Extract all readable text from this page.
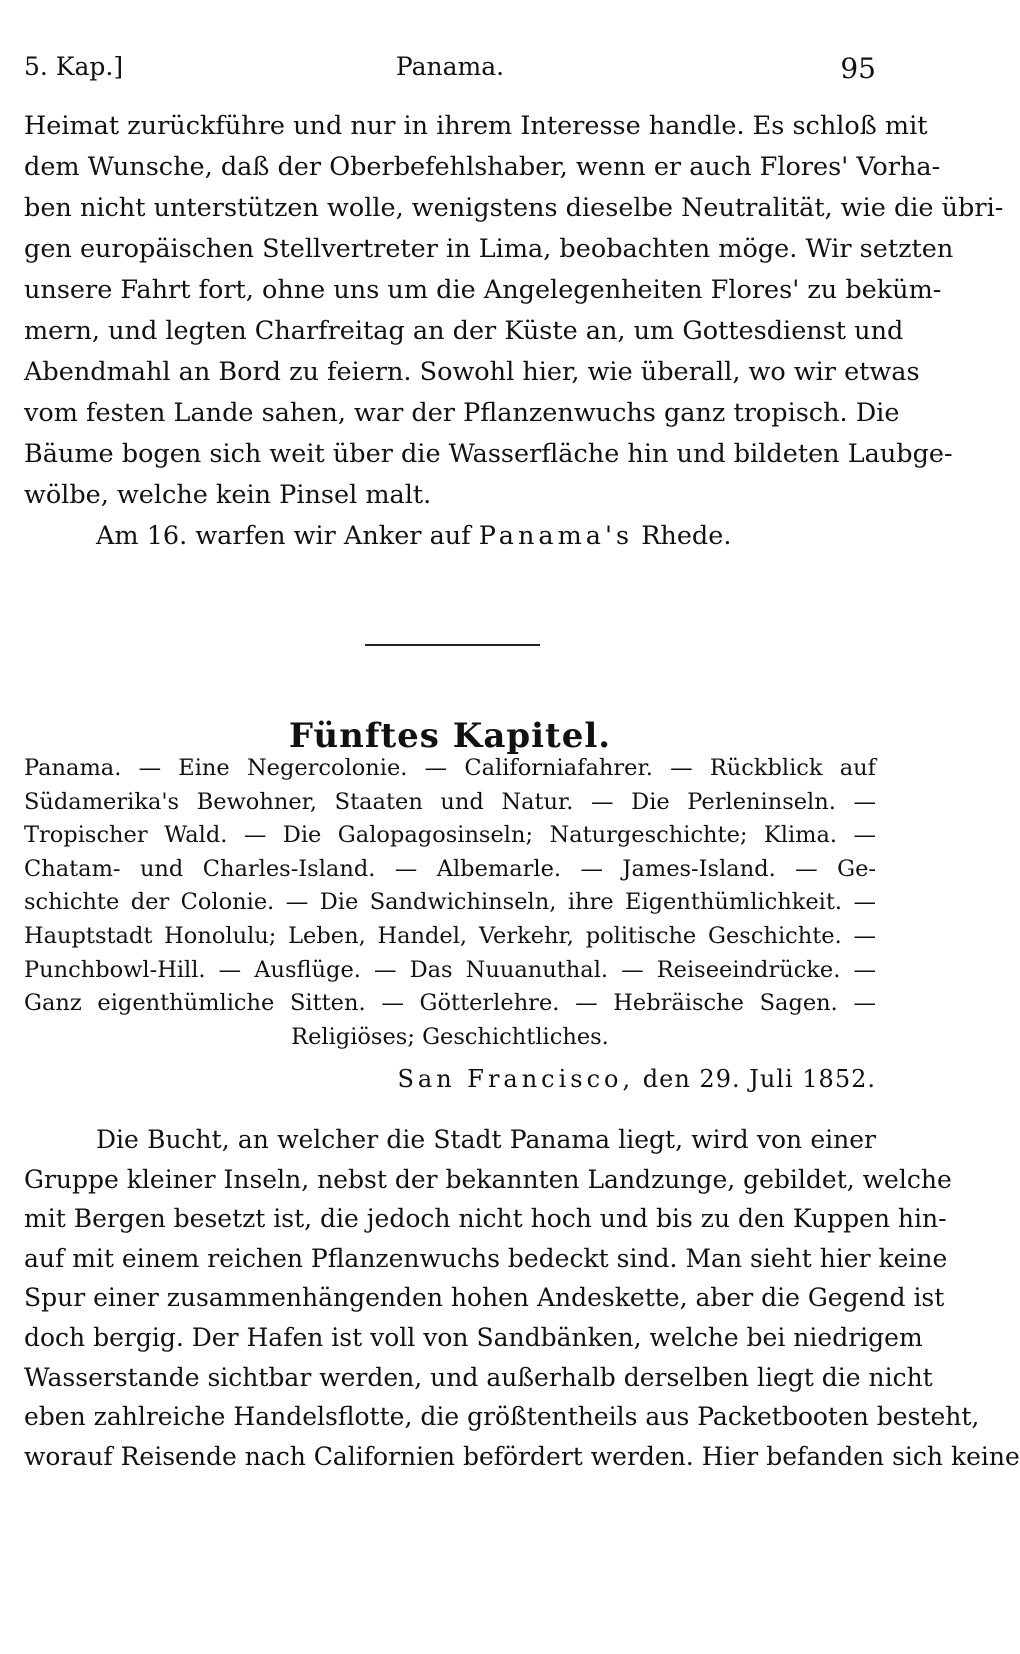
5. Kap.]	Panama.	95
Heimat zurückführe und nur in ihrem Interesse handle. Es schloß mit
dem Wunsche, daß der Oberbefehlshaber, wenn er auch Flores' Vorha-
ben nicht unterstützen wolle, wenigstens dieselbe Neutralität, wie die übri-
gen europäischen Stellvertreter in Lima, beobachten möge. Wir setzten
unsere Fahrt fort, ohne uns um die Angelegenheiten Flores' zu beküm-
mern, und legten Charfreitag an der Küste an, um Gottesdienst und
Abendmahl an Bord zu feiern. Sowohl hier, wie überall, wo wir etwas
vom festen Lande sahen, war der Pflanzenwuchs ganz tropisch. Die
Bäume bogen sich weit über die Wasserfläche hin und bildeten Laubge-
wölbe, welche kein Pinsel malt.
Am 16. warfen wir Anker auf Panama's Rhede.
Fünftes Kapitel.
Panama. — Eine Negercolonie. — Californiafahrer. — Rückblick auf
Südamerika's Bewohner, Staaten und Natur. — Die Perleninseln. —
Tropischer Wald. — Die Galopagosinseln; Naturgeschichte; Klima. —
Chatam- und Charles-Island. — Albemarle. — James-Island. — Ge-
schichte der Colonie. — Die Sandwichinseln, ihre Eigenthümlichkeit. —
Hauptstadt Honolulu; Leben, Handel, Verkehr, politische Geschichte. —
Punchbowl-Hill. — Ausflüge. — Das Nuuanuthal. — Reiseeindrücke. —
Ganz eigenthümliche Sitten. — Götterlehre. — Hebräische Sagen. —
Religiöses; Geschichtliches.
San Francisco, den 29. Juli 1852.
Die Bucht, an welcher die Stadt Panama liegt, wird von einer
Gruppe kleiner Inseln, nebst der bekannten Landzunge, gebildet, welche
mit Bergen besetzt ist, die jedoch nicht hoch und bis zu den Kuppen hin-
auf mit einem reichen Pflanzenwuchs bedeckt sind. Man sieht hier keine
Spur einer zusammenhängenden hohen Andeskette, aber die Gegend ist
doch bergig. Der Hafen ist voll von Sandbänken, welche bei niedrigem
Wasserstande sichtbar werden, und außerhalb derselben liegt die nicht
eben zahlreiche Handelsflotte, die größtentheils aus Packetbooten besteht,
worauf Reisende nach Californien befördert werden. Hier befanden sich keine
